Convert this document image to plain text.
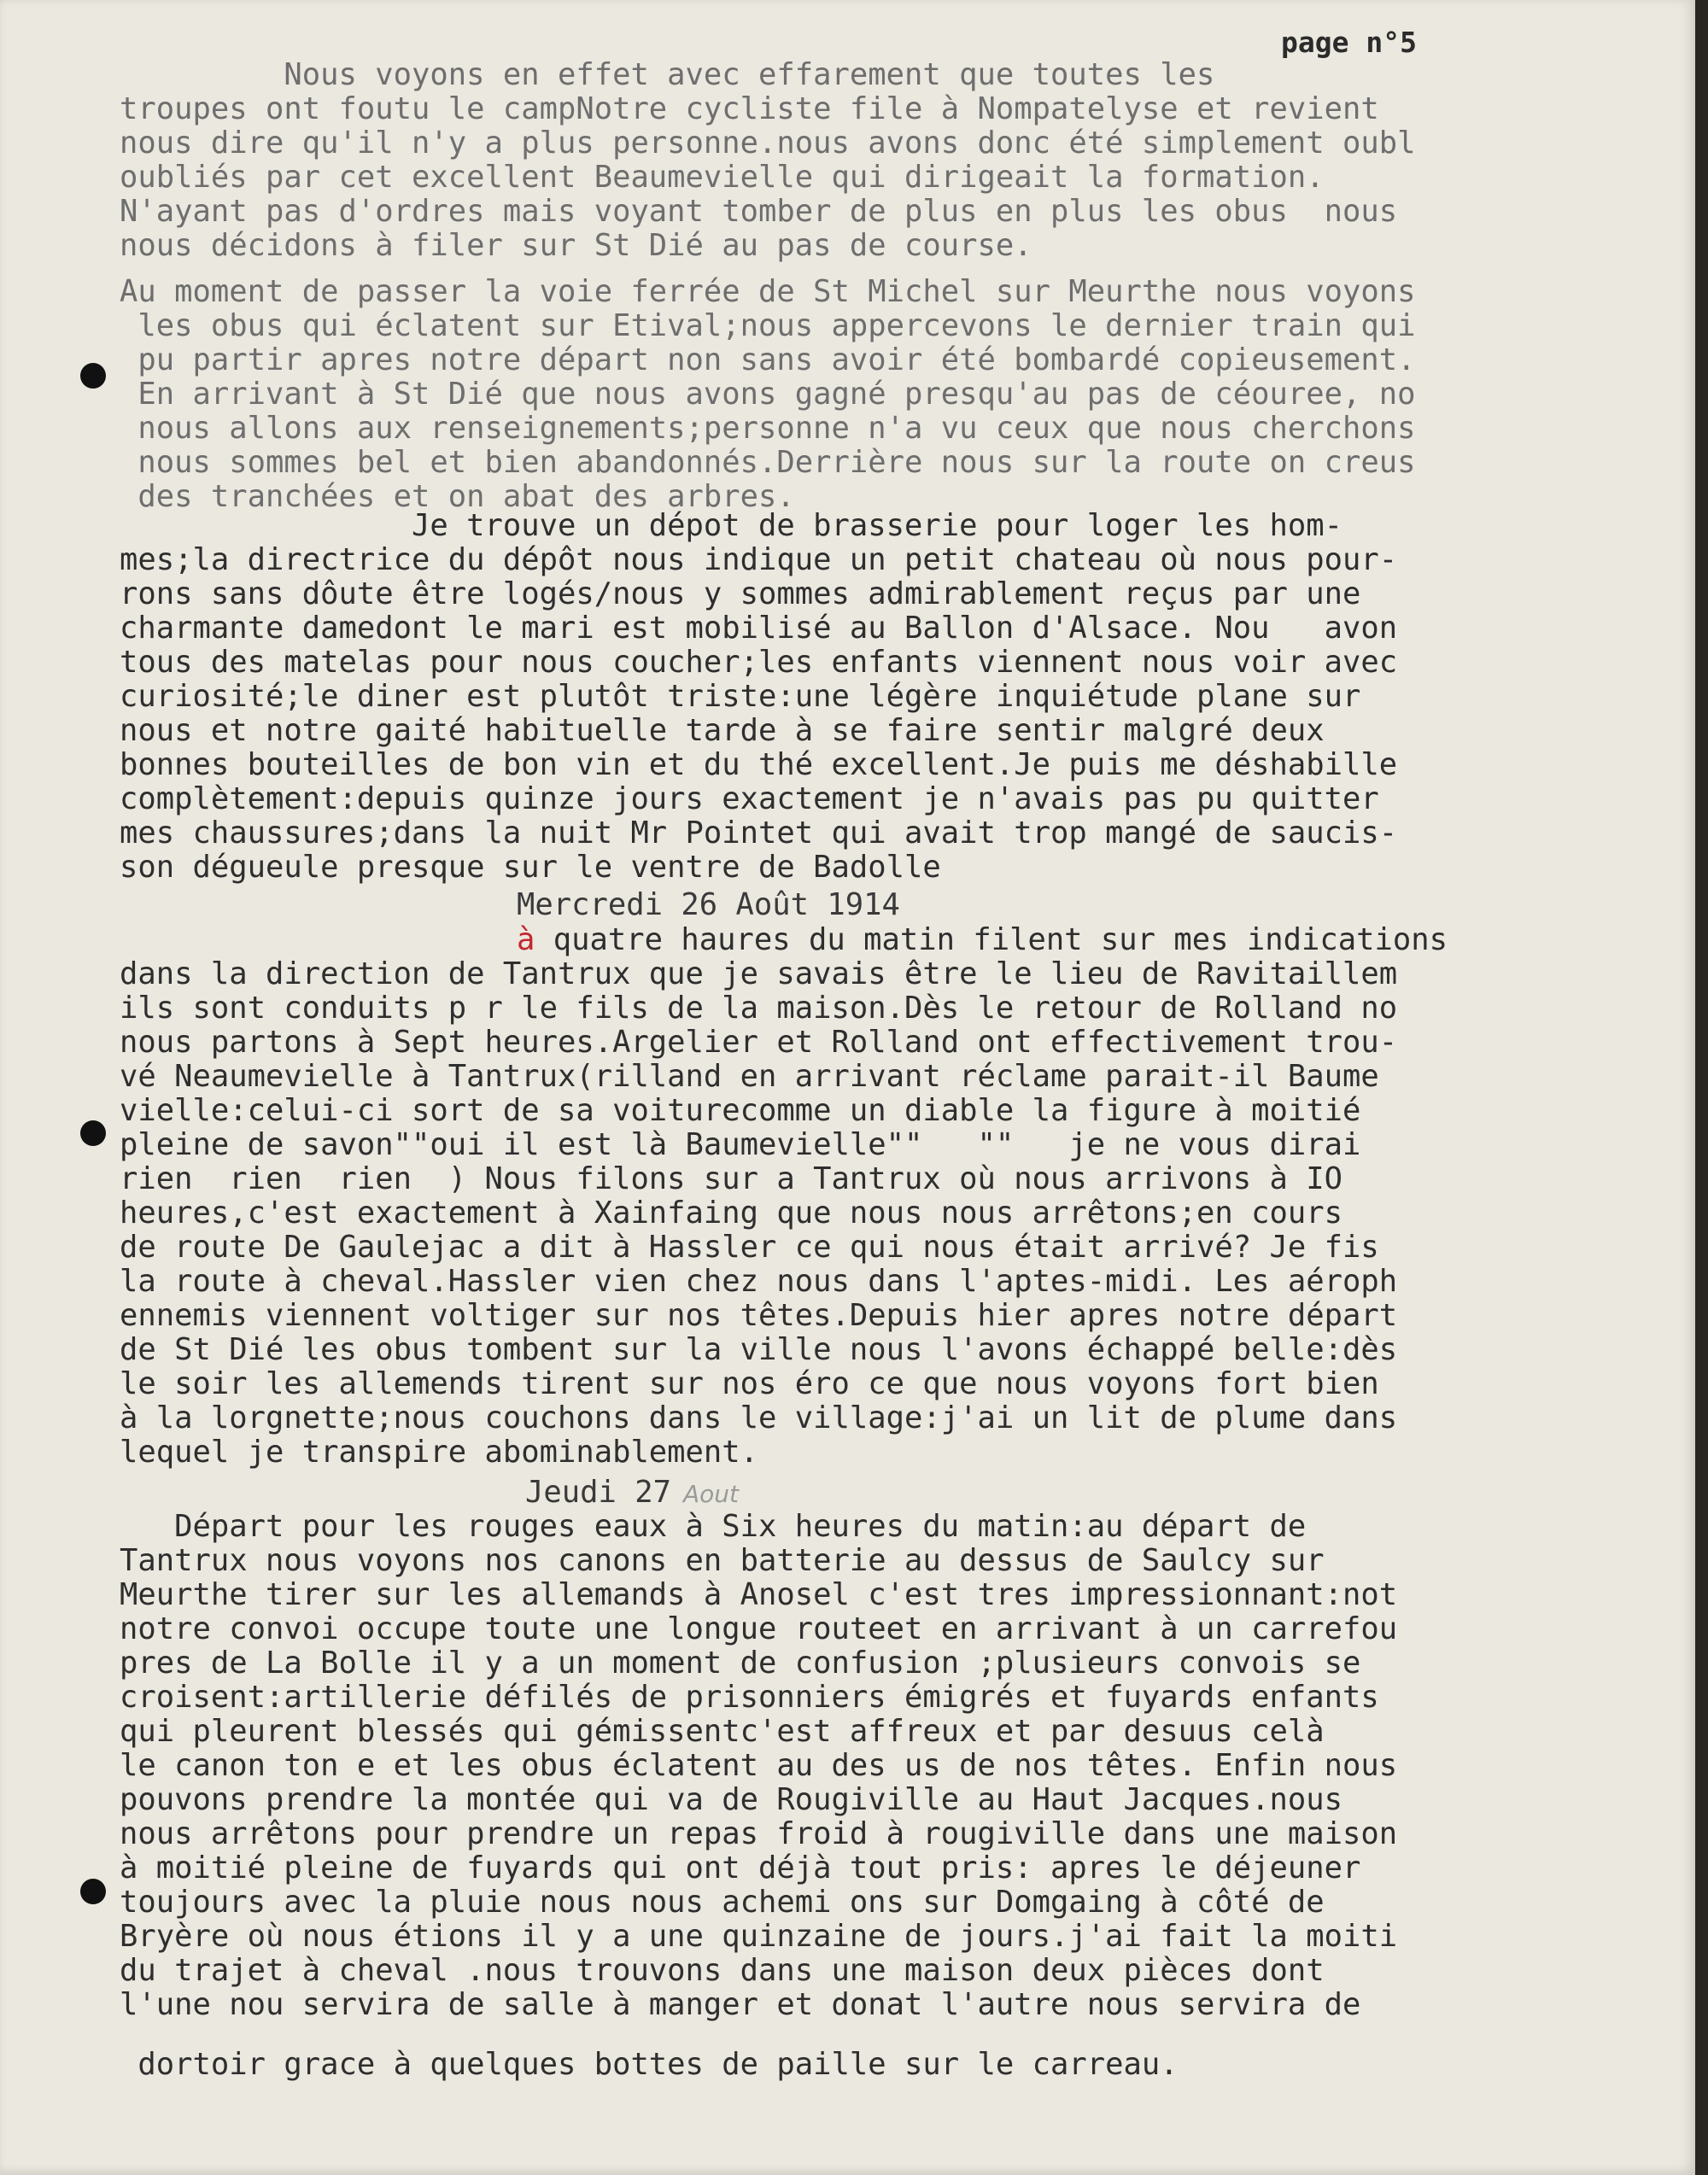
page n°5
Nous voyons en effet avec effarement que toutes les
troupes ont foutu le campNotre cycliste file à Nompatelyse et revient
nous dire qu'il n'y a plus personne.nous avons donc été simplement oubl
oubliés par cet excellent Beaumevielle qui dirigeait la formation.
N'ayant pas d'ordres mais voyant tomber de plus en plus les obus  nous
nous décidons à filer sur St Dié au pas de course.
Au moment de passer la voie ferrée de St Michel sur Meurthe nous voyons
les obus qui éclatent sur Etival;nous appercevons le dernier train qui
pu partir apres notre départ non sans avoir été bombardé copieusement.
En arrivant à St Dié que nous avons gagné presqu'au pas de céouree, no
nous allons aux renseignements;personne n'a vu ceux que nous cherchons
nous sommes bel et bien abandonnés.Derrière nous sur la route on creus
des tranchées et on abat des arbres.
Je trouve un dépot de brasserie pour loger les hom-
mes;la directrice du dépôt nous indique un petit chateau où nous pour-
rons sans dôute être logés/nous y sommes admirablement reçus par une
charmante damedont le mari est mobilisé au Ballon d'Alsace. Nou   avon
tous des matelas pour nous coucher;les enfants viennent nous voir avec
curiosité;le diner est plutôt triste:une légère inquiétude plane sur
nous et notre gaité habituelle tarde à se faire sentir malgré deux
bonnes bouteilles de bon vin et du thé excellent.Je puis me déshabille
complètement:depuis quinze jours exactement je n'avais pas pu quitter
mes chaussures;dans la nuit Mr Pointet qui avait trop mangé de saucis-
son dégueule presque sur le ventre de Badolle
Mercredi 26 Août 1914
à quatre haures du matin filent sur mes indications
dans la direction de Tantrux que je savais être le lieu de Ravitaillem
ils sont conduits p r le fils de la maison.Dès le retour de Rolland no
nous partons à Sept heures.Argelier et Rolland ont effectivement trou-
vé Neaumevielle à Tantrux(rilland en arrivant réclame parait-il Baume
vielle:celui-ci sort de sa voiturecomme un diable la figure à moitié
pleine de savon""oui il est là Baumevielle""   ""   je ne vous dirai
rien  rien  rien  ) Nous filons sur a Tantrux où nous arrivons à IO
heures,c'est exactement à Xainfaing que nous nous arrêtons;en cours
de route De Gaulejac a dit à Hassler ce qui nous était arrivé? Je fis
la route à cheval.Hassler vien chez nous dans l'aptes-midi. Les aéroph
ennemis viennent voltiger sur nos têtes.Depuis hier apres notre départ
de St Dié les obus tombent sur la ville nous l'avons échappé belle:dès
le soir les allemends tirent sur nos éro ce que nous voyons fort bien
à la lorgnette;nous couchons dans le village:j'ai un lit de plume dans
lequel je transpire abominablement.
Jeudi 27 Aout
Départ pour les rouges eaux à Six heures du matin:au départ de
Tantrux nous voyons nos canons en batterie au dessus de Saulcy sur
Meurthe tirer sur les allemands à Anosel c'est tres impressionnant:not
notre convoi occupe toute une longue routeet en arrivant à un carrefou
pres de La Bolle il y a un moment de confusion ;plusieurs convois se
croisent:artillerie défilés de prisonniers émigrés et fuyards enfants
qui pleurent blessés qui gémissentc'est affreux et par desuus celà
le canon ton e et les obus éclatent au des us de nos têtes. Enfin nous
pouvons prendre la montée qui va de Rougiville au Haut Jacques.nous
nous arrêtons pour prendre un repas froid à rougiville dans une maison
à moitié pleine de fuyards qui ont déjà tout pris: apres le déjeuner
toujours avec la pluie nous nous achemi ons sur Domgaing à côté de
Bryère où nous étions il y a une quinzaine de jours.j'ai fait la moiti
du trajet à cheval .nous trouvons dans une maison deux pièces dont
l'une nou servira de salle à manger et donat l'autre nous servira de
dortoir grace à quelques bottes de paille sur le carreau.
